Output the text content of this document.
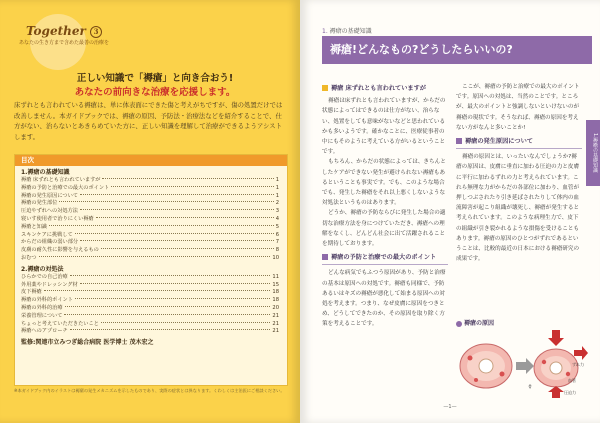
Together 3
あなたの生き方まで含めた最善の治療を
正しい知識で「褥瘡」と向き合おう!
あなたの前向きな治療を応援します。
床ずれとも言われている褥瘡は、単に体表面にできた傷と考えがちですが、傷の処置だけでは改善しません。本ガイドブックでは、褥瘡の原因、予防法・治療法などを紹介することで、仕方がない、治らないとあきらめていた方に、正しい知識を理解して治療ができるようアシストします。
目次
1.褥瘡の基礎知識
褥瘡 床ずれとも言われていますが	1
褥瘡の予防と治療での最大のポイント	1
褥瘡の発生原因について	1
褥瘡の発生部位	2
圧迫やずれへの対処方法	3
寝いす使用者で治りにくい褥瘡	4
褥瘡と知識	5
スキンケアに挑戦して	6
からだの組織の弱い部分	7
皮膚の耐久性に影響を与えるもの	8
おむつ	10
2.褥瘡の対処法
ひらかでの自己治療	11
外用薬やドレッシング材	15
皮下褥瘡	18
褥瘡の外科的ポイント	18
褥瘡の外科的治療	20
栄養管理について	21
ちょっと考えていただきたいこと	21
褥瘡へのアプローチ	21
監修:関連市立みつぎ総合病院 医学博士 茂木宏之
※本ガイドブック内のイラストは褥瘡の発生メカニズムを示したものであり、実際の症状とは異なります。くわしくは主治医にご相談ください。
1. 褥瘡の基礎知識
褥瘡!どんなもの?どうしたらいいの?
1.褥瘡の基礎知識
褥瘡 床ずれとも言われていますが

褥瘡は床ずれとも言われていますが、からだの状態によってはできるのは仕方がない、治らない、処置をしても意味がないなどと思われているかも多いようです。確かなことに、医療従事者の中にもそのように考えている方がいるということです。

もちろん、からだの状態によっては、きちんとしたケアができない発生が避けられない褥瘡もあるということも事実です。でも、このような場合でも、発生した褥瘡をそれ以上悪くしないような対処法というものはあります。

どうか、褥瘡の予防ならびに発生した場合の適切な治療方法を身につけていただき、褥瘡への理解をなくし、どんどん社会に出て活躍されることを期待しております。

褥瘡の予防と治療での最大のポイント

どんな病気でもふつう原因があり、予防と治療の基本は原因への対処です。褥瘡も同様で、予防あるいはキズの褥瘡が悪化して始まる原因への対処を考えます。つまり、なぜ皮膚に原因をつきとめ、どうしてできたのか、その原因を取り除く方策を考えることです。

ここが、褥瘡の予防と治療での最大のポイントです。原因への対処は、当然のことです。ところが、最大のポイントと強調しないといけないのが褥瘡の現状です。そうなれば、褥瘡の原因を考えない方がなんと多いことか!

褥瘡の発生原因について

褥瘡の原因とは、いったいなんでしょうか?褥瘡の原因は、皮膚に垂直に加わる圧迫の力と皮膚に平行に加わるずれの力と考えられています。これら無理な力がからだの各部位に加わり、血管が押しつぶされたり引き延ばされたりして体内の血流障害が起こり組織が壊死し、褥瘡が発生すると考えられています。このような病理生力で、皮下の組織が引き裂かれるような損傷を受けることもあります。褥瘡の原因のひとつがずれであるということは、比較的最近の日本における褥瘡研究の成果です。

褥瘡の原因
ずれ力
骨
圧迫力
血管
—1—
